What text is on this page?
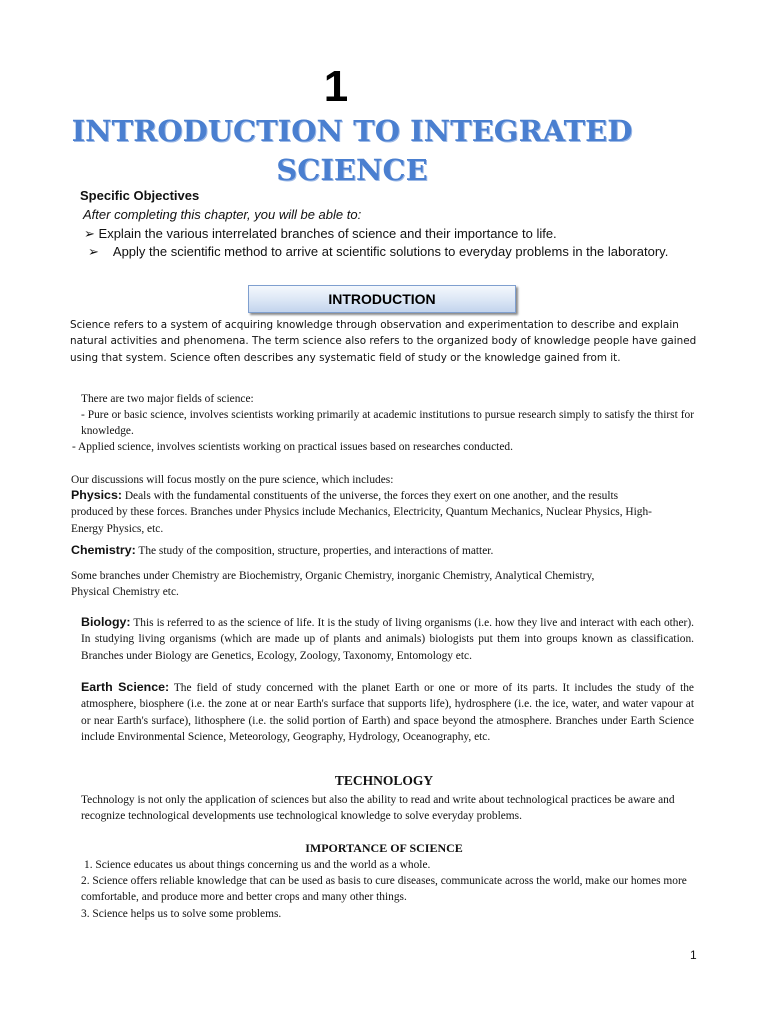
1
INTRODUCTION TO INTEGRATED
SCIENCE
Specific Objectives
After completing this chapter, you will be able to:
➢ Explain the various interrelated branches of science and their importance to life.
➢ Apply the scientific method to arrive at scientific solutions to everyday problems in the laboratory.
INTRODUCTION
Science refers to a system of acquiring knowledge through observation and experimentation to describe and explain natural activities and phenomena. The term science also refers to the organized body of knowledge people have gained using that system. Science often describes any systematic field of study or the knowledge gained from it.
There are two major fields of science:
- Pure or basic science, involves scientists working primarily at academic institutions to pursue research simply to satisfy the thirst for knowledge.
- Applied science, involves scientists working on practical issues based on researches conducted.
Our discussions will focus mostly on the pure science, which includes:
Physics: Deals with the fundamental constituents of the universe, the forces they exert on one another, and the results produced by these forces. Branches under Physics include Mechanics, Electricity, Quantum Mechanics, Nuclear Physics, High-Energy Physics, etc.
Chemistry: The study of the composition, structure, properties, and interactions of matter.
Some branches under Chemistry are Biochemistry, Organic Chemistry, inorganic Chemistry, Analytical Chemistry, Physical Chemistry etc.
Biology: This is referred to as the science of life. It is the study of living organisms (i.e. how they live and interact with each other). In studying living organisms (which are made up of plants and animals) biologists put them into groups known as classification. Branches under Biology are Genetics, Ecology, Zoology, Taxonomy, Entomology etc.
Earth Science: The field of study concerned with the planet Earth or one or more of its parts. It includes the study of the atmosphere, biosphere (i.e. the zone at or near Earth's surface that supports life), hydrosphere (i.e. the ice, water, and water vapour at or near Earth's surface), lithosphere (i.e. the solid portion of Earth) and space beyond the atmosphere. Branches under Earth Science include Environmental Science, Meteorology, Geography, Hydrology, Oceanography, etc.
TECHNOLOGY
Technology is not only the application of sciences but also the ability to read and write about technological practices be aware and recognize technological developments use technological knowledge to solve everyday problems.
IMPORTANCE OF SCIENCE
1. Science educates us about things concerning us and the world as a whole.
2. Science offers reliable knowledge that can be used as basis to cure diseases, communicate across the world, make our homes more comfortable, and produce more and better crops and many other things.
3. Science helps us to solve some problems.
1
